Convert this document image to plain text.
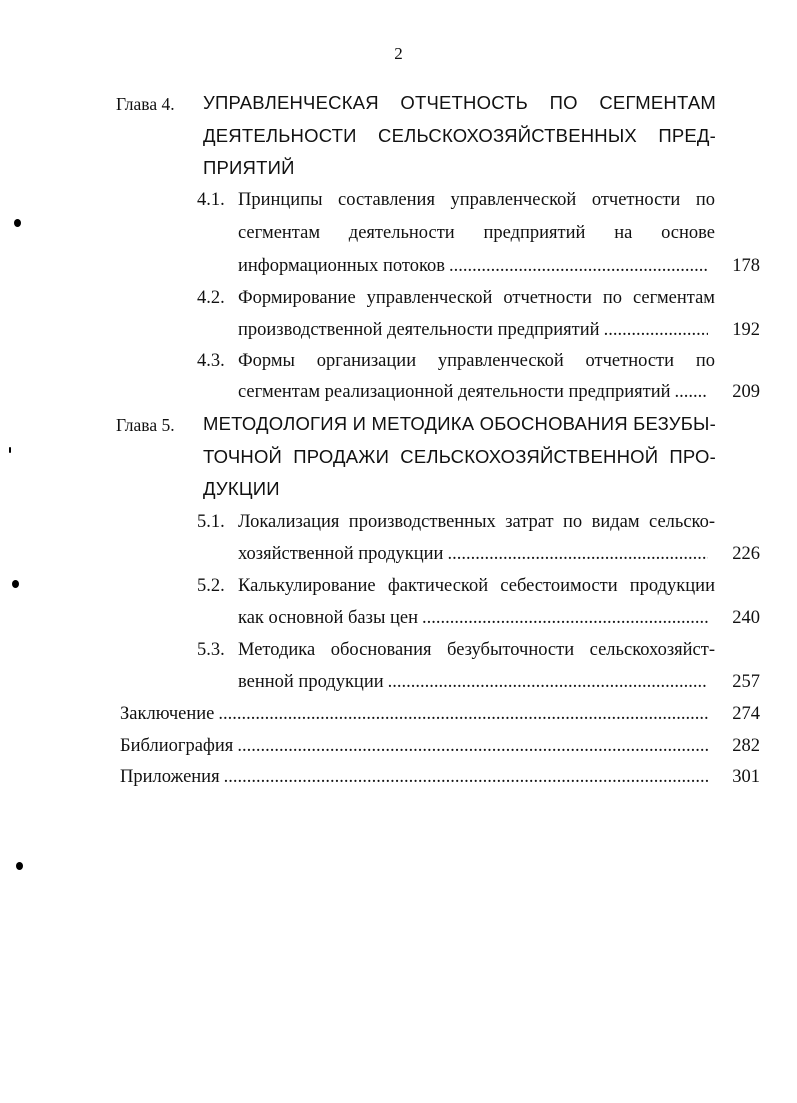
2
Глава 4. УПРАВЛЕНЧЕСКАЯ ОТЧЕТНОСТЬ ПО СЕГМЕНТАМ
ДЕЯТЕЛЬНОСТИ СЕЛЬСКОХОЗЯЙСТВЕННЫХ ПРЕД-
ПРИЯТИЙ
4.1. Принципы составления управленческой отчетности по
сегментам деятельности предприятий на основе
информационных потоков .....	178
4.2. Формирование управленческой отчетности по сегментам
производственной деятельности предприятий .....	192
4.3. Формы организации управленческой отчетности по
сегментам реализационной деятельности предприятий .....	209
Глава 5. МЕТОДОЛОГИЯ И МЕТОДИКА ОБОСНОВАНИЯ БЕЗУБЫ-
ТОЧНОЙ ПРОДАЖИ СЕЛЬСКОХОЗЯЙСТВЕННОЙ ПРО-
ДУКЦИИ
5.1. Локализация производственных затрат по видам сельско-
хозяйственной продукции .....	226
5.2. Калькулирование фактической себестоимости продукции
как основной базы цен .....	240
5.3. Методика обоснования безубыточности сельскохозяйст-
венной продукции .....	257
Заключение .....	274
Библиография .....	282
Приложения .....	301
